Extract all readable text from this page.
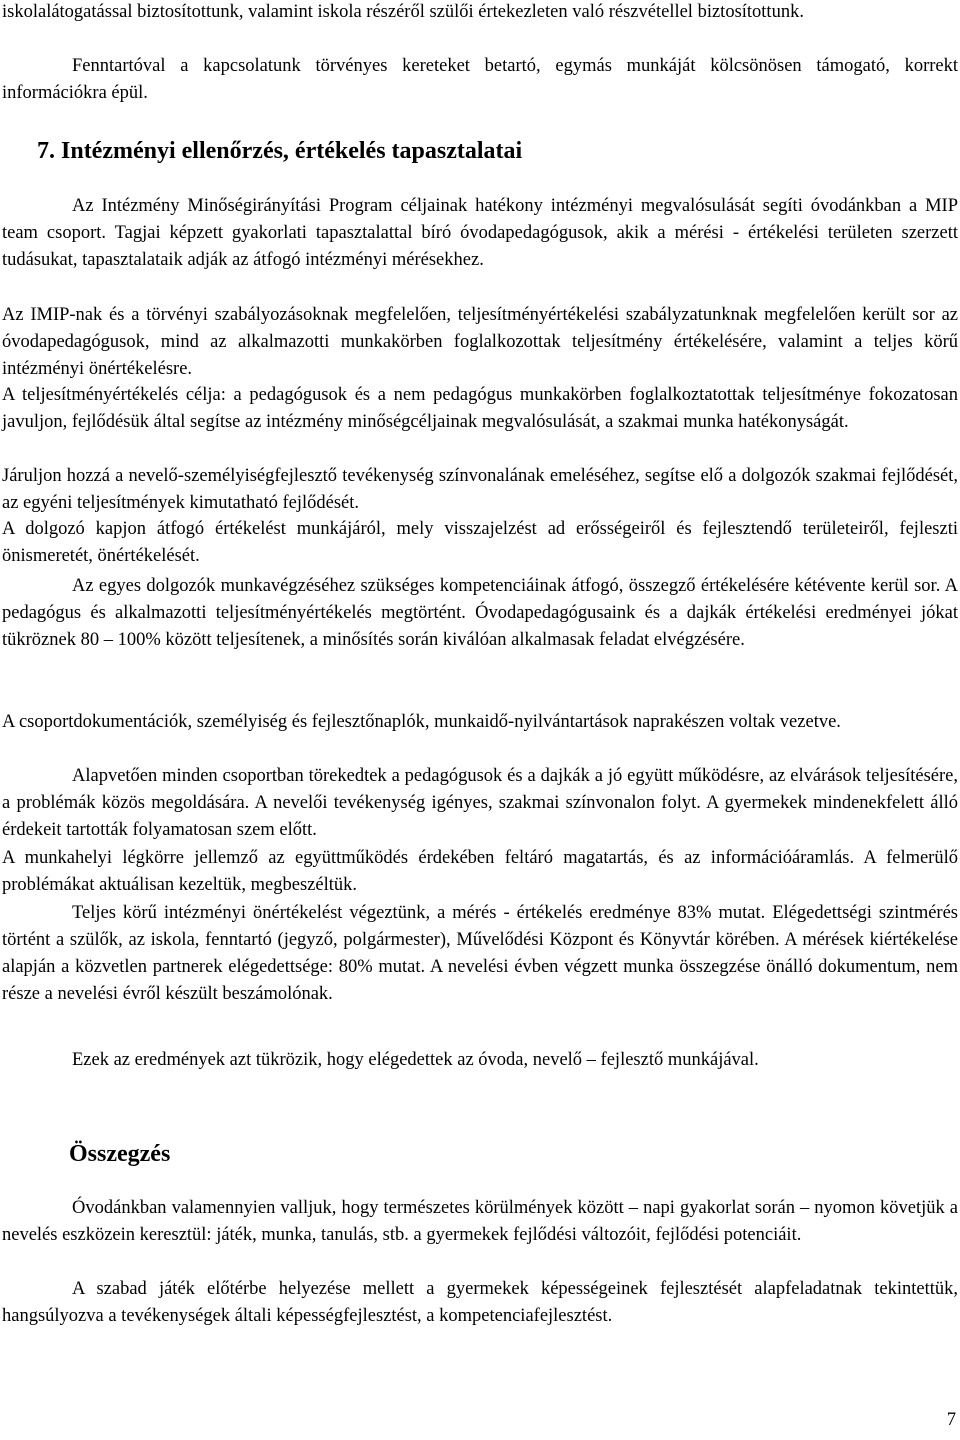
iskolalátogatással biztosítottunk, valamint iskola részéről szülői értekezleten való részvétellel biztosítottunk.

Fenntartóval a kapcsolatunk törvényes kereteket betartó, egymás munkáját kölcsönösen támogató, korrekt információkra épül.

7. Intézményi ellenőrzés, értékelés tapasztalatai

Az Intézmény Minőségirányítási Program céljainak hatékony intézményi megvalósulását segíti óvodánkban a MIP team csoport. Tagjai képzett gyakorlati tapasztalattal bíró óvodapedagógusok, akik a mérési - értékelési területen szerzett tudásukat, tapasztalataik adják az átfogó intézményi mérésekhez.

Az IMIP-nak és a törvényi szabályozásoknak megfelelően, teljesítményértékelési szabályzatunknak megfelelően került sor az óvodapedagógusok, mind az alkalmazotti munkakörben foglalkozottak teljesítmény értékelésére, valamint a teljes körű intézményi önértékelésre.

A teljesítményértékelés célja: a pedagógusok és a nem pedagógus munkakörben foglalkoztatottak teljesítménye fokozatosan javuljon, fejlődésük által segítse az intézmény minőségcéljainak megvalósulását, a szakmai munka hatékonyságát.

Járuljon hozzá a nevelő-személyiségfejlesztő tevékenység színvonalának emeléséhez, segítse elő a dolgozók szakmai fejlődését, az egyéni teljesítmények kimutatható fejlődését.

A dolgozó kapjon átfogó értékelést munkájáról, mely visszajelzést ad erősségeiről és fejlesztendő területeiről, fejleszti önismeretét, önértékelését.

Az egyes dolgozók munkavégzéséhez szükséges kompetenciáinak átfogó, összegző értékelésére kétévente kerül sor. A pedagógus és alkalmazotti teljesítményértékelés megtörtént. Óvodapedagógusaink és a dajkák értékelési eredményei jókat tükröznek 80 – 100% között teljesítenek, a minősítés során kiválóan alkalmasak feladat elvégzésére.

A csoportdokumentációk, személyiség és fejlesztőnaplók, munkaidő-nyilvántartások naprakészen voltak vezetve.

Alapvetően minden csoportban törekedtek a pedagógusok és a dajkák a jó együtt működésre, az elvárások teljesítésére, a problémák közös megoldására. A nevelői tevékenység igényes, szakmai színvonalon folyt. A gyermekek mindenekfelett álló érdekeit tartották folyamatosan szem előtt.

A munkahelyi légkörre jellemző az együttműködés érdekében feltáró magatartás, és az információáramlás. A felmerülő problémákat aktuálisan kezeltük, megbeszéltük.

Teljes körű intézményi önértékelést végeztünk, a mérés - értékelés eredménye 83% mutat. Elégedettségi szintmérés történt a szülők, az iskola, fenntartó (jegyző, polgármester), Művelődési Központ és Könyvtár körében. A mérések kiértékelése alapján a közvetlen partnerek elégedettsége: 80% mutat. A nevelési évben végzett munka összegzése önálló dokumentum, nem része a nevelési évről készült beszámolónak.

Ezek az eredmények azt tükrözik, hogy elégedettek az óvoda, nevelő – fejlesztő munkájával.

Összegzés

Óvodánkban valamennyien valljuk, hogy természetes körülmények között – napi gyakorlat során – nyomon követjük a nevelés eszközein keresztül: játék, munka, tanulás, stb. a gyermekek fejlődési változóit, fejlődési potenciáit.

A szabad játék előtérbe helyezése mellett a gyermekek képességeinek fejlesztését alapfeladatnak tekintettük, hangsúlyozva a tevékenységek általi képességfejlesztést, a kompetenciafejlesztést.

7
